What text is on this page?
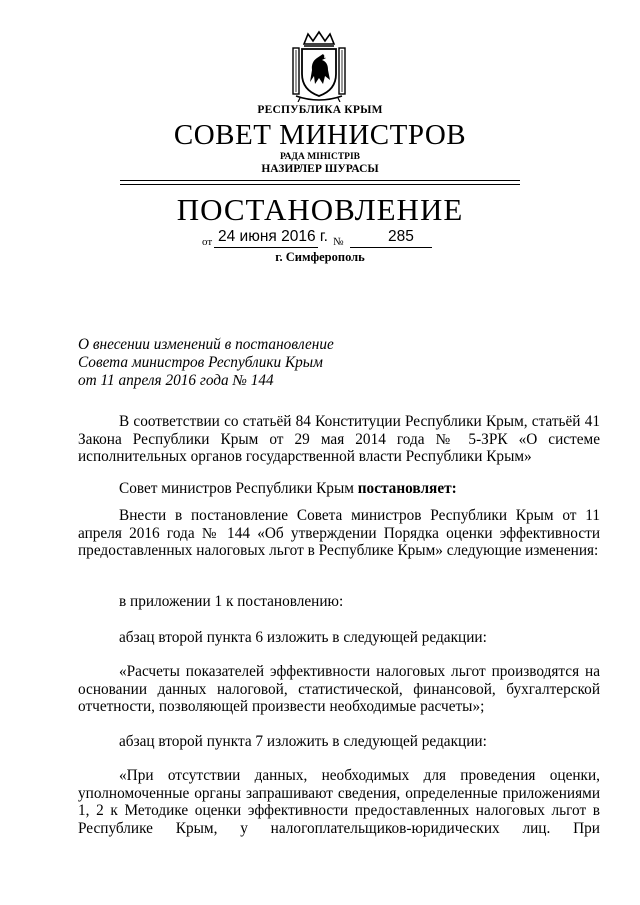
РЕСПУБЛИКА КРЫМ
СОВЕТ МИНИСТРОВ
РАДА МІНІСТРІВ
НАЗИРЛЕР ШУРАСЫ
ПОСТАНОВЛЕНИЕ
от 24 июня 2016 г. №	285
г. Симферополь
О внесении изменений в постановление
Совета министров Республики Крым
от 11 апреля 2016 года № 144

В соответствии со статьёй 84 Конституции Республики Крым, статьёй 41 Закона Республики Крым от 29 мая 2014 года № 5-ЗРК «О системе исполнительных органов государственной власти Республики Крым»

Совет министров Республики Крым постановляет:

Внести в постановление Совета министров Республики Крым от 11 апреля 2016 года № 144 «Об утверждении Порядка оценки эффективности предоставленных налоговых льгот в Республике Крым» следующие изменения:

в приложении 1 к постановлению:

абзац второй пункта 6 изложить в следующей редакции:

«Расчеты показателей эффективности налоговых льгот производятся на основании данных налоговой, статистической, финансовой, бухгалтерской отчетности, позволяющей произвести необходимые расчеты»;

абзац второй пункта 7 изложить в следующей редакции:

«При отсутствии данных, необходимых для проведения оценки, уполномоченные органы запрашивают сведения, определенные приложениями 1, 2 к Методике оценки эффективности предоставленных налоговых льгот в Республике Крым, у налогоплательщиков-юридических лиц. При
